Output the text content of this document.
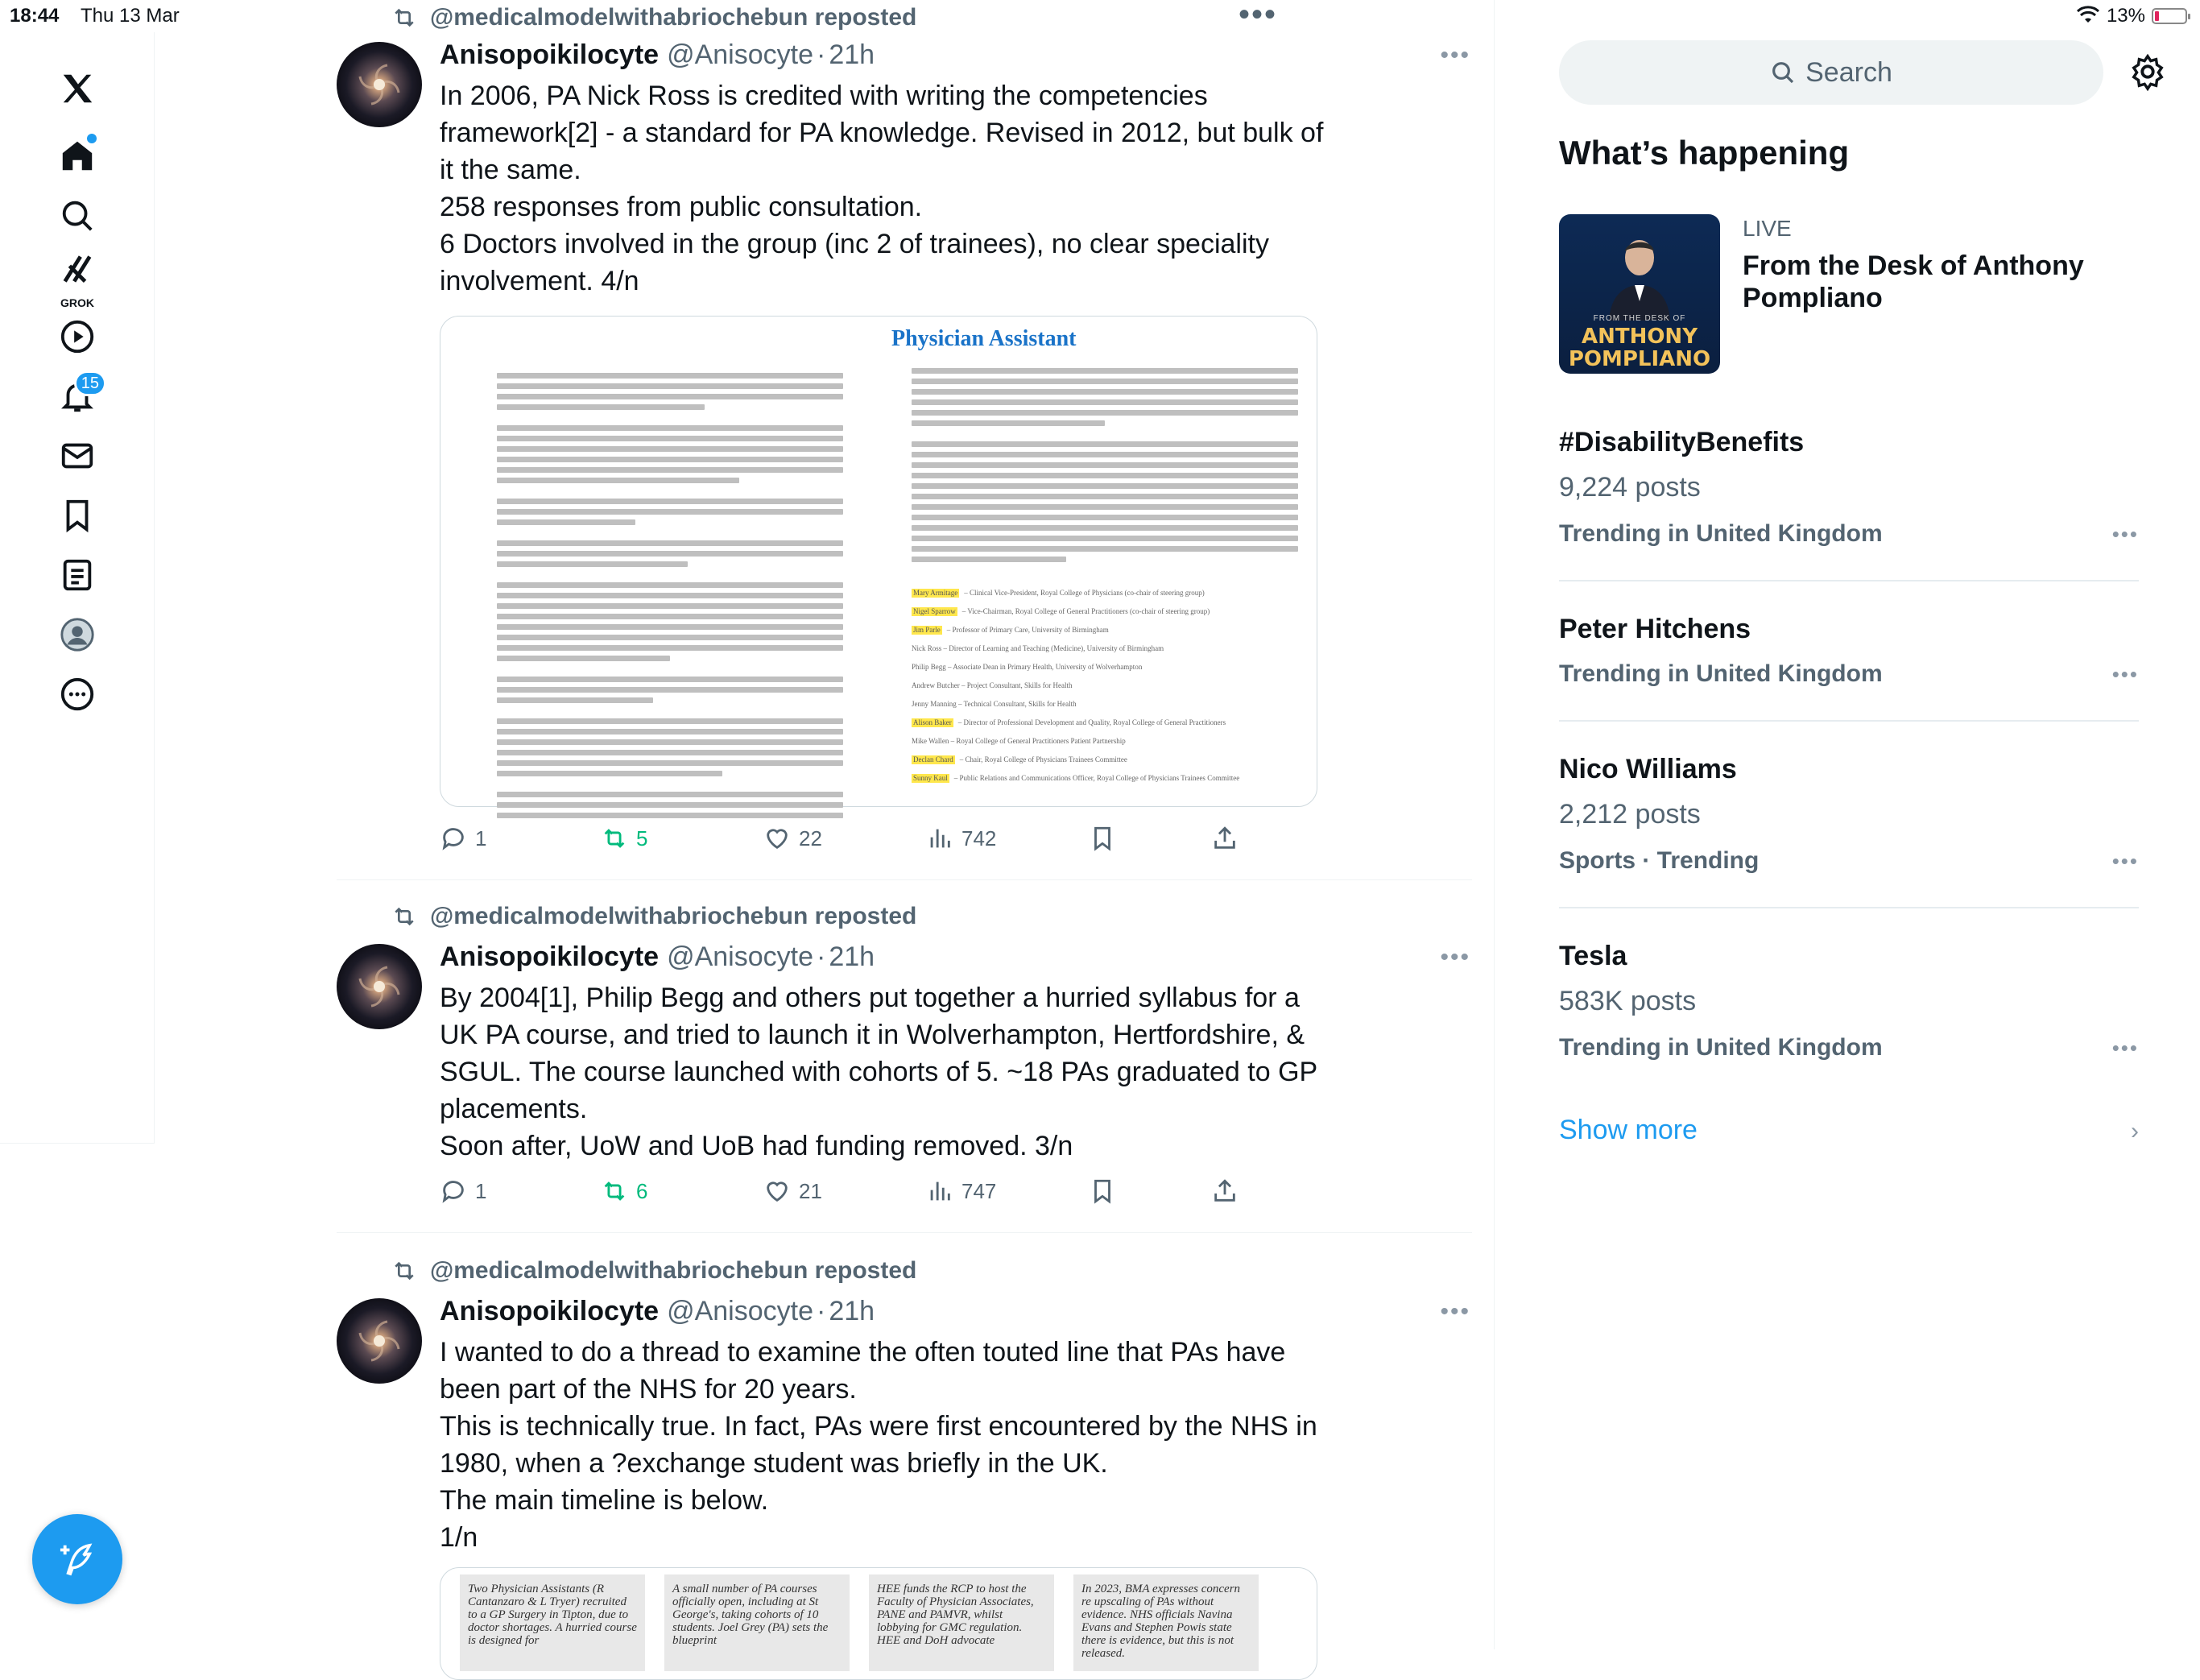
18:44 Thu 13 Mar	13%
GROK
15
•••
@medicalmodelwithabriochebun reposted
Anisopoikilocyte @Anisocyte · 21h	•••
In 2006, PA Nick Ross is credited with writing the competencies framework[2] - a standard for PA knowledge. Revised in 2012, but bulk of it the same.
258 responses from public consultation.
6 Doctors involved in the group (inc 2 of trainees), no clear speciality involvement. 4/n
Physician Assistant
Mary Armitage – Clinical Vice-President, Royal College of Physicians (co-chair of steering group)
Nigel Sparrow – Vice-Chairman, Royal College of General Practitioners (co-chair of steering group)
Jim Parle – Professor of Primary Care, University of Birmingham
Nick Ross – Director of Learning and Teaching (Medicine), University of Birmingham
Philip Begg – Associate Dean in Primary Health, University of Wolverhampton
Andrew Butcher – Project Consultant, Skills for Health
Jenny Manning – Technical Consultant, Skills for Health
Alison Baker – Director of Professional Development and Quality, Royal College of General Practitioners
Mike Wallen – Royal College of General Practitioners Patient Partnership
Declan Chard – Chair, Royal College of Physicians Trainees Committee
Sunny Kaul – Public Relations and Communications Officer, Royal College of Physicians Trainees Committee
1	5	22	742
@medicalmodelwithabriochebun reposted
Anisopoikilocyte @Anisocyte · 21h	•••
By 2004[1], Philip Begg and others put together a hurried syllabus for a UK PA course, and tried to launch it in Wolverhampton, Hertfordshire, & SGUL. The course launched with cohorts of 5. ~18 PAs graduated to GP placements.
Soon after, UoW and UoB had funding removed. 3/n
1	6	21	747
@medicalmodelwithabriochebun reposted
Anisopoikilocyte @Anisocyte · 21h	•••
I wanted to do a thread to examine the often touted line that PAs have been part of the NHS for 20 years.
This is technically true. In fact, PAs were first encountered by the NHS in 1980, when a ?exchange student was briefly in the UK.
The main timeline is below.
1/n
Two Physician Assistants (R Cantanzaro & L Tryer) recruited to a GP Surgery in Tipton, due to doctor shortages. A hurried course is designed for
A small number of PA courses officially open, including at St George's, taking cohorts of 10 students. Joel Grey (PA) sets the blueprint
HEE funds the RCP to host the Faculty of Physician Associates, PANE and PAMVR, whilst lobbying for GMC regulation. HEE and DoH advocate
In 2023, BMA expresses concern re upscaling of PAs without evidence. NHS officials Navina Evans and Stephen Powis state there is evidence, but this is not released.
Search
What’s happening
FROM THE DESK OF
ANTHONY
POMPLIANO
LIVE
From the Desk of Anthony Pompliano
#DisabilityBenefits
9,224 posts
Trending in United Kingdom	•••
Peter Hitchens
Trending in United Kingdom	•••
Nico Williams
2,212 posts
Sports · Trending	•••
Tesla
583K posts
Trending in United Kingdom	•••
Show more	›
